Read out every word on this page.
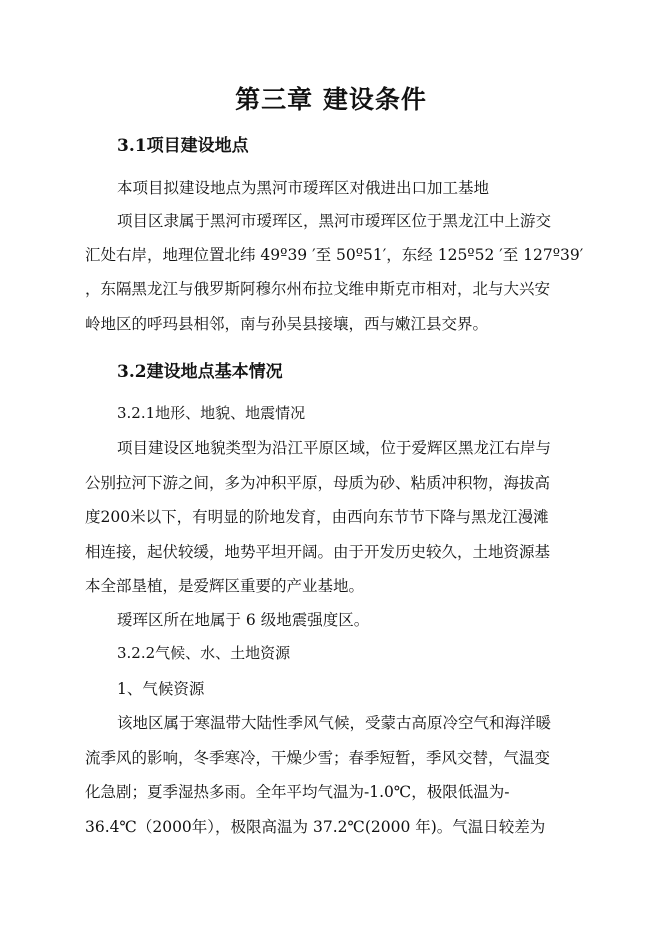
第三章 建设条件
3.1项目建设地点
本项目拟建设地点为黑河市瑷珲区对俄进出口加工基地
项目区隶属于黑河市瑷珲区，黑河市瑷珲区位于黑龙江中上游交
汇处右岸，地理位置北纬 49º39 ′至 50º51′，东经 125º52 ′至 127º39′
，东隔黑龙江与俄罗斯阿穆尔州布拉戈维申斯克市相对，北与大兴安
岭地区的呼玛县相邻，南与孙吴县接壤，西与嫩江县交界。
3.2建设地点基本情况
3.2.1地形、地貌、地震情况
项目建设区地貌类型为沿江平原区域，位于爱辉区黑龙江右岸与
公别拉河下游之间，多为冲积平原，母质为砂、粘质冲积物，海拔高
度200米以下，有明显的阶地发育，由西向东节节下降与黑龙江漫滩
相连接，起伏较缓，地势平坦开阔。由于开发历史较久，土地资源基
本全部垦植，是爱辉区重要的产业基地。
瑷珲区所在地属于 6 级地震强度区。
3.2.2气候、水、土地资源
1、气候资源
该地区属于寒温带大陆性季风气候，受蒙古高原冷空气和海洋暖
流季风的影响，冬季寒冷，干燥少雪；春季短暂，季风交替，气温变
化急剧；夏季湿热多雨。全年平均气温为-1.0℃，极限低温为-
36.4℃（2000年），极限高温为 37.2℃(2000 年)。气温日较差为
